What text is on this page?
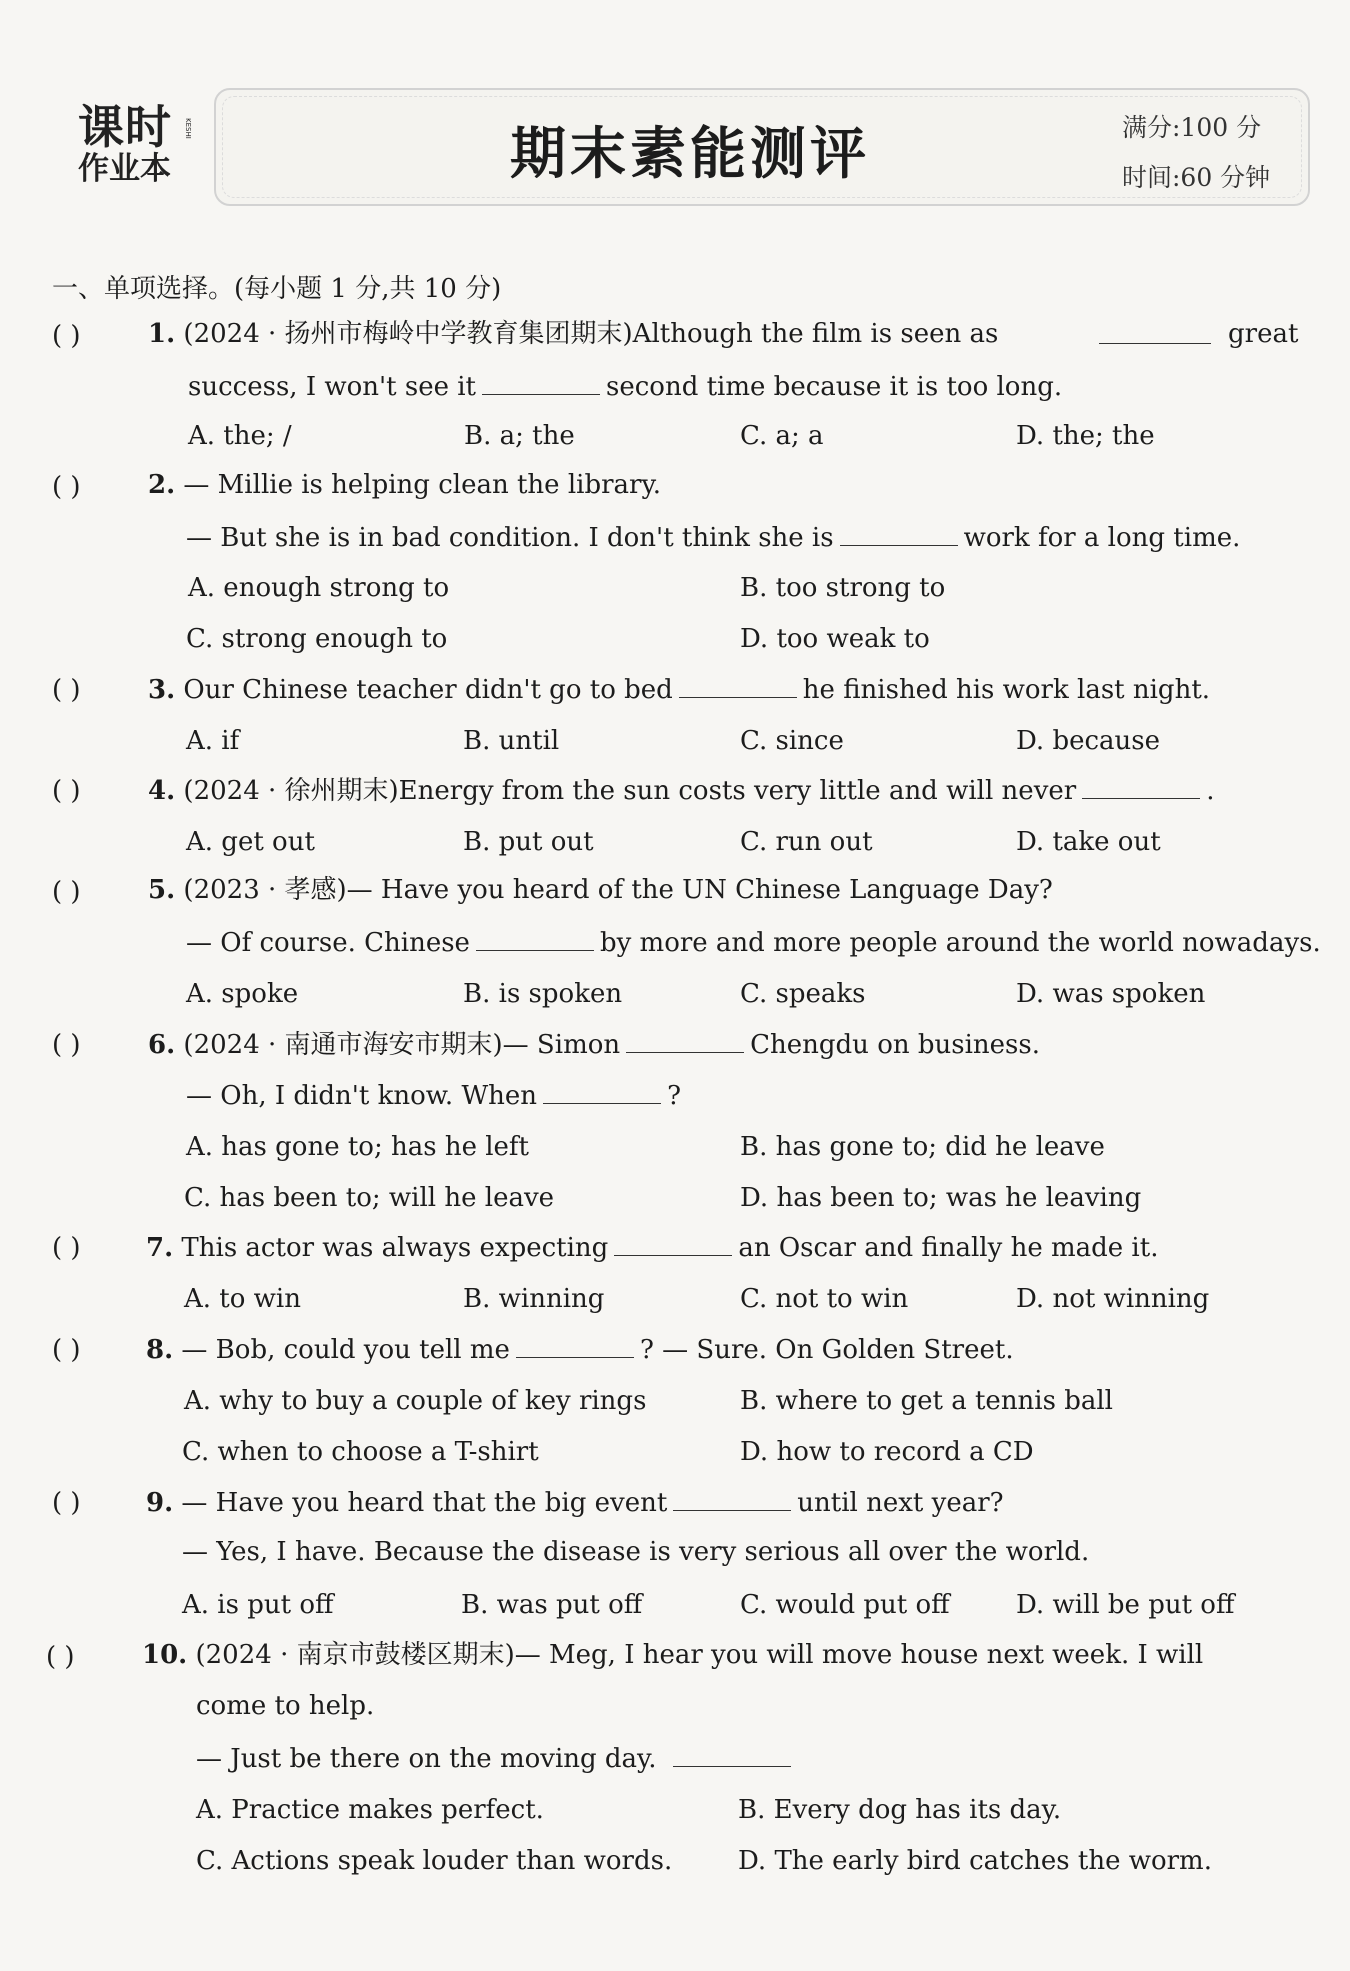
课时
作业本
KESHI	期末素能测评	满分:100 分
时间:60 分钟
一、单项选择。(每小题 1 分,共 10 分)
( )	1. (2024 · 扬州市梅岭中学教育集团期末)Although the film is seen as	great
success, I won't see it	second time because it is too long.
A. the; /	B. a; the	C. a; a	D. the; the
( )	2. — Millie is helping clean the library.
— But she is in bad condition. I don't think she is	work for a long time.
A. enough strong to	B. too strong to
C. strong enough to	D. too weak to
( )	3. Our Chinese teacher didn't go to bed	he finished his work last night.
A. if	B. until	C. since	D. because
( )	4. (2024 · 徐州期末)Energy from the sun costs very little and will never	.
A. get out	B. put out	C. run out	D. take out
( )	5. (2023 · 孝感)— Have you heard of the UN Chinese Language Day?
— Of course. Chinese	by more and more people around the world nowadays.
A. spoke	B. is spoken	C. speaks	D. was spoken
( )	6. (2024 · 南通市海安市期末)— Simon	Chengdu on business.
— Oh, I didn't know. When	?
A. has gone to; has he left	B. has gone to; did he leave
C. has been to; will he leave	D. has been to; was he leaving
( )	7. This actor was always expecting	an Oscar and finally he made it.
A. to win	B. winning	C. not to win	D. not winning
( )	8. — Bob, could you tell me	? — Sure. On Golden Street.
A. why to buy a couple of key rings	B. where to get a tennis ball
C. when to choose a T-shirt	D. how to record a CD
( )	9. — Have you heard that the big event	until next year?
— Yes, I have. Because the disease is very serious all over the world.
A. is put off	B. was put off	C. would put off	D. will be put off
( )	10. (2024 · 南京市鼓楼区期末)— Meg, I hear you will move house next week. I will
come to help.
— Just be there on the moving day.
A. Practice makes perfect.	B. Every dog has its day.
C. Actions speak louder than words.	D. The early bird catches the worm.
